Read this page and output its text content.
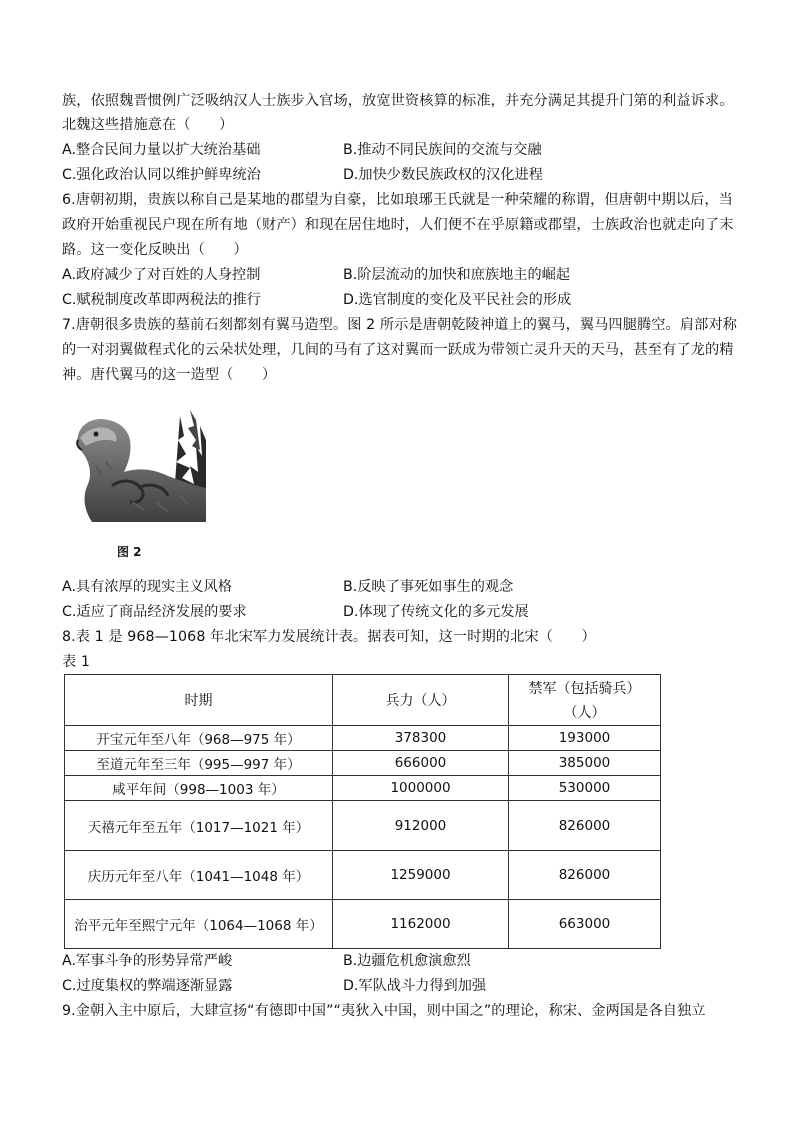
族，依照魏晋惯例广泛吸纳汉人士族步入官场，放宽世资核算的标准，并充分满足其提升门第的利益诉求。
北魏这些措施意在（　　）
A.整合民间力量以扩大统治基础	B.推动不同民族间的交流与交融
C.强化政治认同以维护鲜卑统治	D.加快少数民族政权的汉化进程
6.唐朝初期，贵族以称自己是某地的郡望为自豪，比如琅琊王氏就是一种荣耀的称谓，但唐朝中期以后，当
政府开始重视民户现在所有地（财产）和现在居住地时，人们便不在乎原籍或郡望，士族政治也就走向了末
路。这一变化反映出（　　）
A.政府减少了对百姓的人身控制	B.阶层流动的加快和庶族地主的崛起
C.赋税制度改革即两税法的推行	D.选官制度的变化及平民社会的形成
7.唐朝很多贵族的墓前石刻都刻有翼马造型。图 2 所示是唐朝乾陵神道上的翼马，翼马四腿腾空。肩部对称
的一对羽翼做程式化的云朵状处理，几间的马有了这对翼而一跃成为带领亡灵升天的天马，甚至有了龙的精
神。唐代翼马的这一造型（　　）
图 2
A.具有浓厚的现实主义风格	B.反映了事死如事生的观念
C.适应了商品经济发展的要求	D.体现了传统文化的多元发展
8.表 1 是 968—1068 年北宋军力发展统计表。据表可知，这一时期的北宋（　　）
表 1
时期	兵力（人）	禁军（包括骑兵）
（人）

开宝元年至八年（968—975 年）	378300	193000
至道元年至三年（995—997 年）	666000	385000
咸平年间（998—1003 年）	1000000	530000
天禧元年至五年（1017—1021 年）	912000	826000
庆历元年至八年（1041—1048 年）	1259000	826000
治平元年至熙宁元年（1064—1068 年）	1162000	663000
A.军事斗争的形势异常严峻	B.边疆危机愈演愈烈
C.过度集权的弊端逐渐显露	D.军队战斗力得到加强
9.金朝入主中原后，大肆宣扬“有德即中国”“夷狄入中国，则中国之”的理论，称宋、金两国是各自独立
